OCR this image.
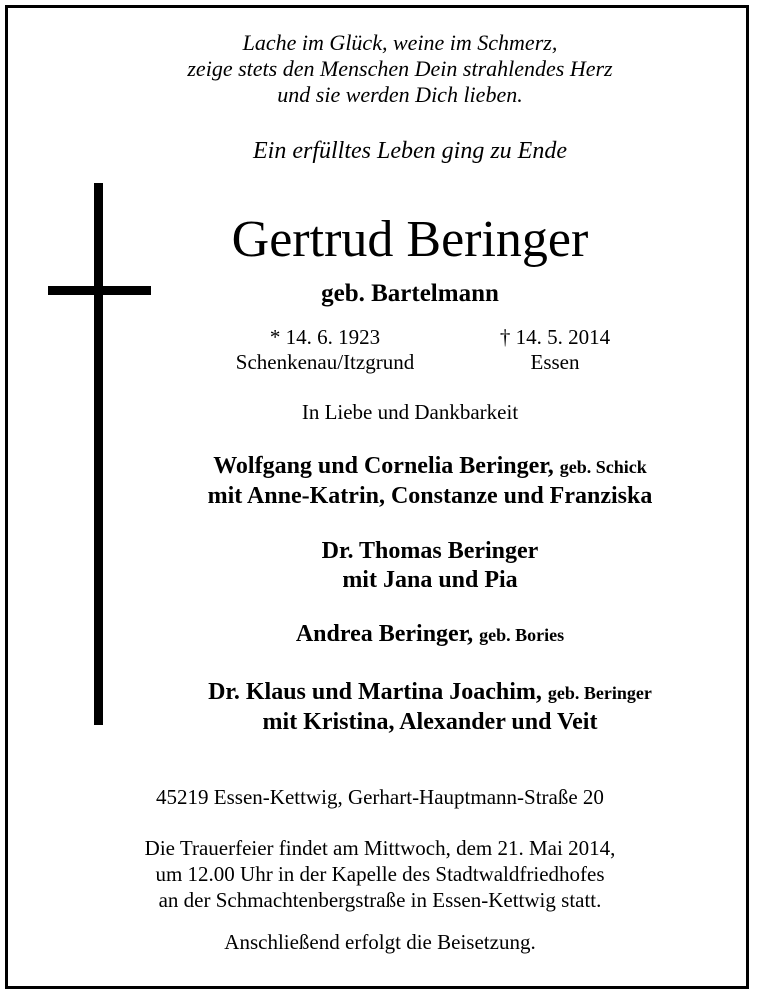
Lache im Glück, weine im Schmerz,
zeige stets den Menschen Dein strahlendes Herz
und sie werden Dich lieben.
Ein erfülltes Leben ging zu Ende
Gertrud Beringer
geb. Bartelmann
* 14. 6. 1923
Schenkenau/Itzgrund
† 14. 5. 2014
Essen
In Liebe und Dankbarkeit
Wolfgang und Cornelia Beringer, geb. Schick
mit Anne-Katrin, Constanze und Franziska
Dr. Thomas Beringer
mit Jana und Pia
Andrea Beringer, geb. Bories
Dr. Klaus und Martina Joachim, geb. Beringer
mit Kristina, Alexander und Veit
45219 Essen-Kettwig, Gerhart-Hauptmann-Straße 20
Die Trauerfeier findet am Mittwoch, dem 21. Mai 2014,
um 12.00 Uhr in der Kapelle des Stadtwaldfriedhofes
an der Schmachtenbergstraße in Essen-Kettwig statt.
Anschließend erfolgt die Beisetzung.
